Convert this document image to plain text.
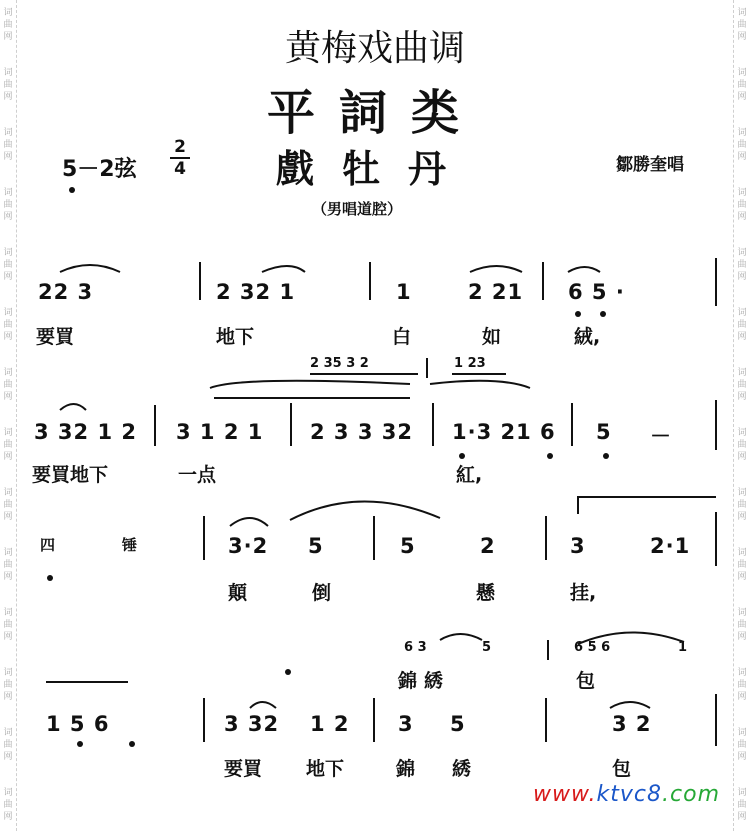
词
曲
网
词
曲
网
词
曲
网
词
曲
网
词
曲
网
词
曲
网
词
曲
网
词
曲
网
词
曲
网
词
曲
网
词
曲
网
词
曲
网
词
曲
网
词
曲
网
词
曲
网
词
曲
网
词
曲
网
词
曲
网
词
曲
网
词
曲
网
词
曲
网
词
曲
网
词
曲
网
词
曲
网
词
曲
网
词
曲
网
词
曲
网
词
曲
网
黄梅戏曲调
平詞类
戲牡丹
5－2弦
2
4	鄒勝奎唱
（男唱道腔）
22 3	2 32 1	1	2 21 6 5 ·
要買	地下	白	如	絨,
2 35 3 2	1 23
3 32 1 2 3 1 2 1 2 3 3 32 1·3 21 6 5 －
要買地下	一点	紅,
四	锤	3·2 5	5	2	3	2·1
顛	倒	懸	挂,
6 3	5	6 5 6	1
錦 綉	包
1 5 6	3 32 1 2 3 5	3 2
要買 地下	錦 綉	包
www.ktvc8.com
